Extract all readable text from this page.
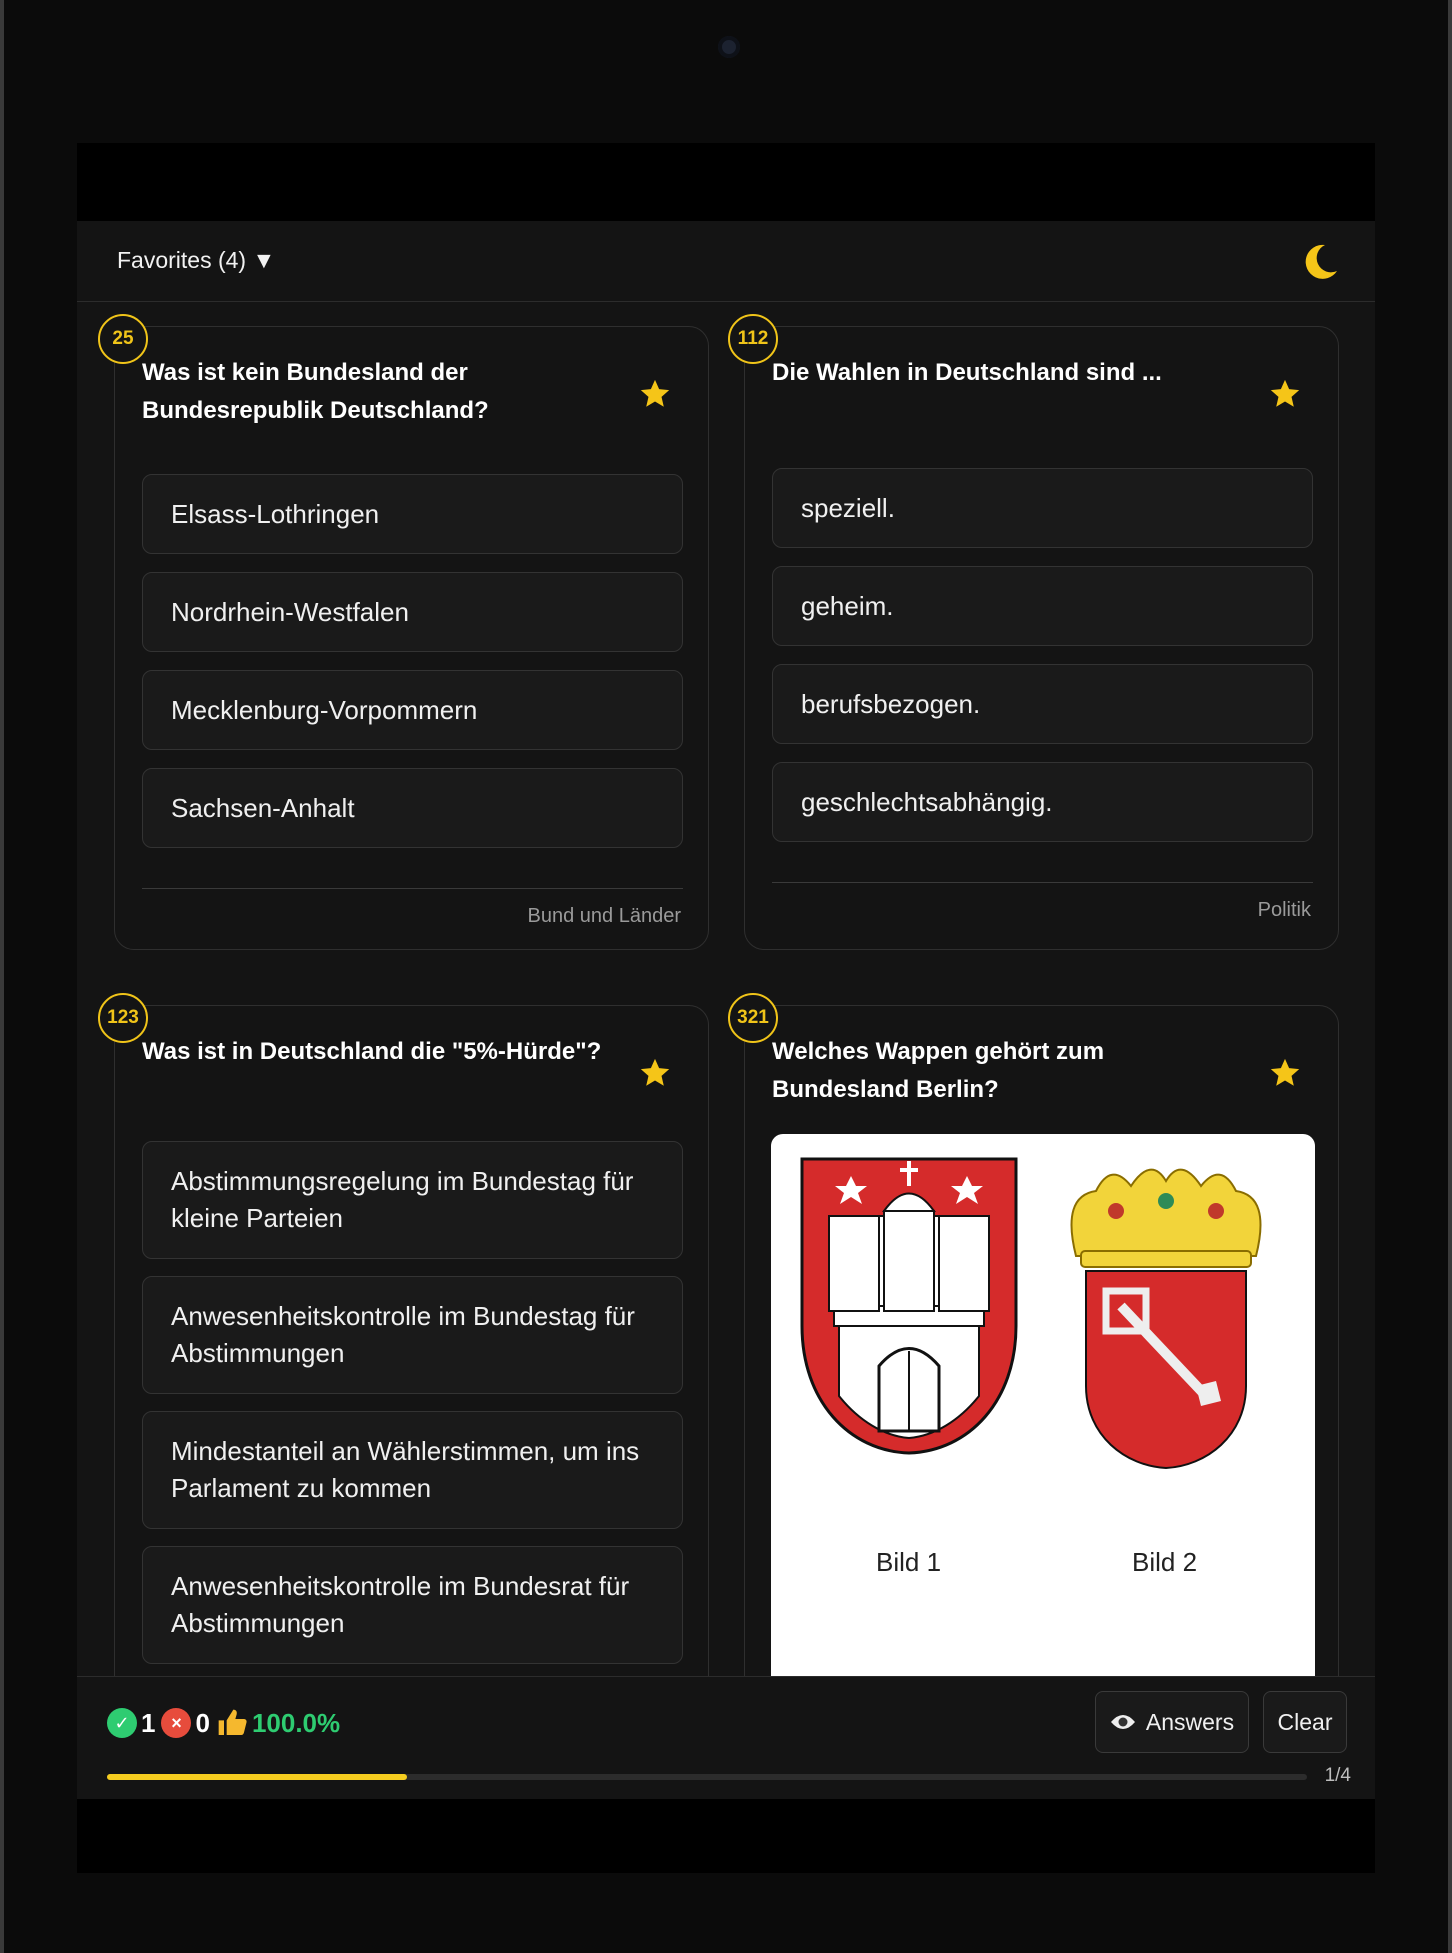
Favorites (4) ▼
25
Was ist kein Bundesland der Bundesrepublik Deutschland?
Elsass-Lothringen
Nordrhein-Westfalen
Mecklenburg-Vorpommern
Sachsen-Anhalt
Bund und Länder
112
Die Wahlen in Deutschland sind ...
speziell.
geheim.
berufsbezogen.
geschlechtsabhängig.
Politik
123
Was ist in Deutschland die "5%-Hürde"?
Abstimmungsregelung im Bundestag für kleine Parteien
Anwesenheitskontrolle im Bundestag für Abstimmungen
Mindestanteil an Wählerstimmen, um ins Parlament zu kommen
Anwesenheitskontrolle im Bundesrat für Abstimmungen
321
Welches Wappen gehört zum Bundesland Berlin?
Bild 1	Bild 2
✓ 1 × 0 100.0%	Answers Clear
1/4
